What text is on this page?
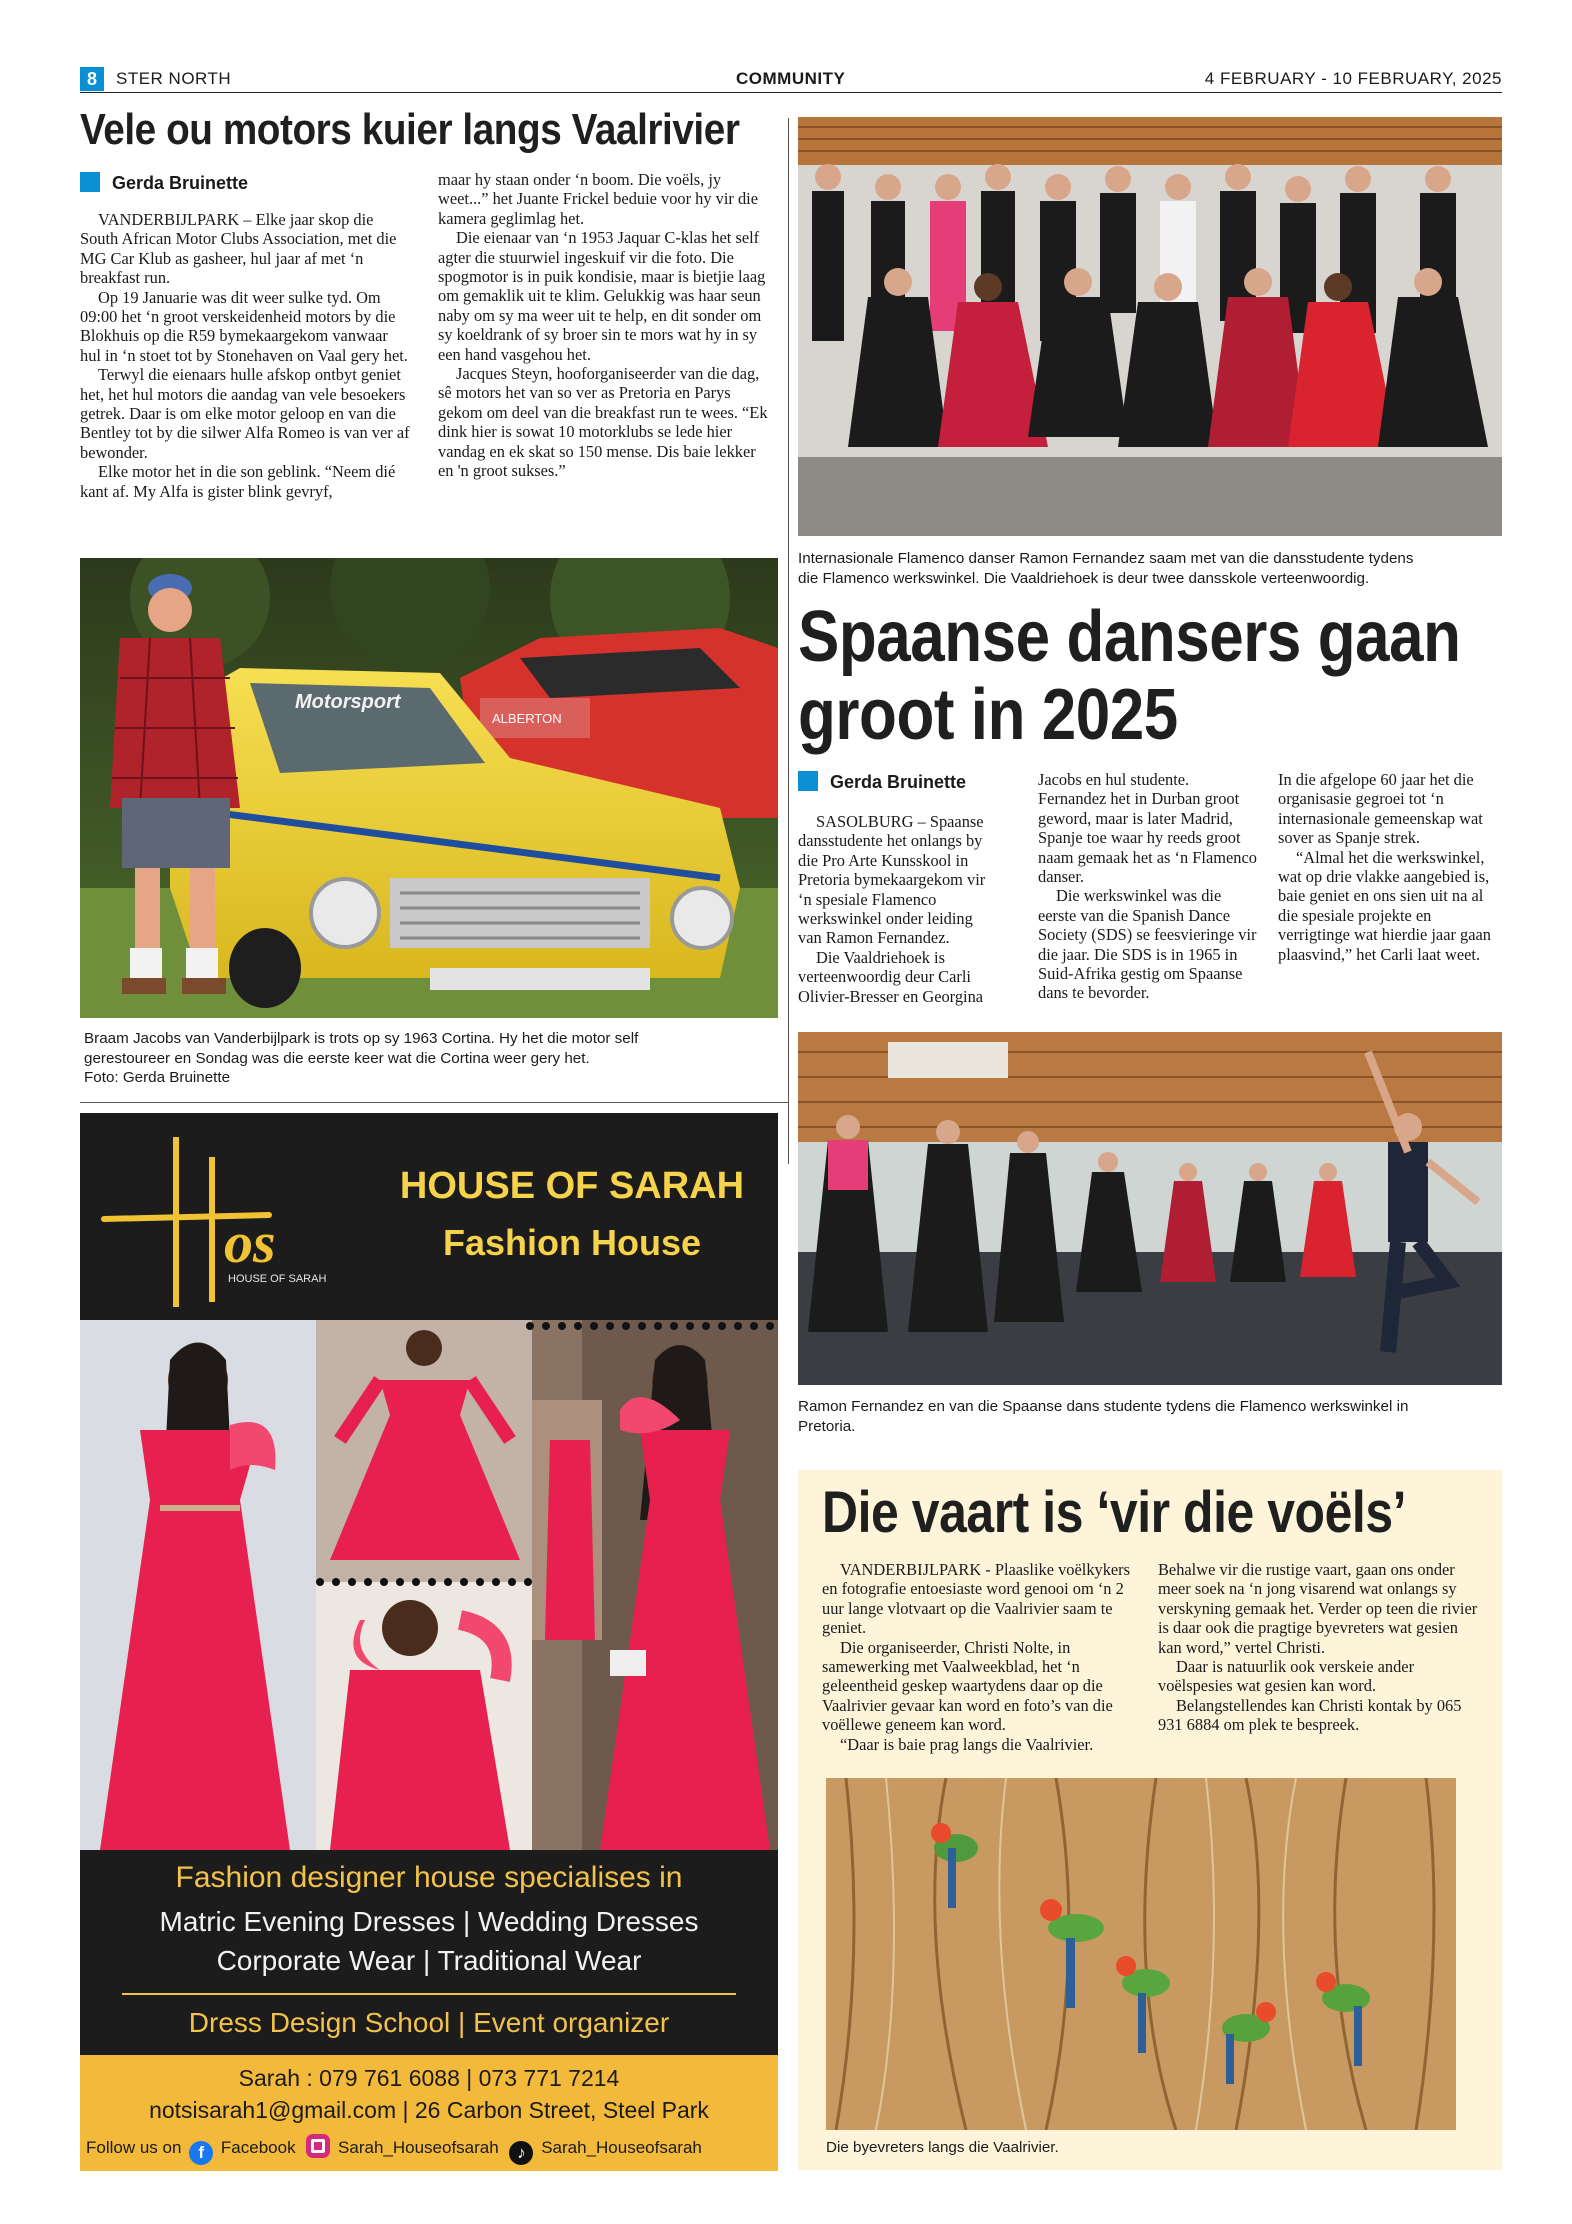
8	STER NORTH	COMMUNITY	4 FEBRUARY - 10 FEBRUARY, 2025
Vele ou motors kuier langs Vaalrivier
Gerda Bruinette

VANDERBIJLPARK – Elke jaar skop die South African Motor Clubs Association, met die MG Car Klub as gasheer, hul jaar af met ‘n breakfast run.

Op 19 Januarie was dit weer sulke tyd. Om 09:00 het ‘n groot verskeidenheid motors by die Blokhuis op die R59 bymekaargekom vanwaar hul in ‘n stoet tot by Stonehaven on Vaal gery het.

Terwyl die eienaars hulle afskop ontbyt geniet het, het hul motors die aandag van vele besoekers getrek. Daar is om elke motor geloop en van die Bentley tot by die silwer Alfa Romeo is van ver af bewonder.

Elke motor het in die son geblink. “Neem dié kant af. My Alfa is gister blink gevryf,

maar hy staan onder ‘n boom. Die voëls, jy weet...” het Juante Frickel beduie voor hy vir die kamera geglimlag het.

Die eienaar van ‘n 1953 Jaquar C-klas het self agter die stuurwiel ingeskuif vir die foto. Die spogmotor is in puik kondisie, maar is bietjie laag om gemaklik uit te klim. Gelukkig was haar seun naby om sy ma weer uit te help, en dit sonder om sy koeldrank of sy broer sin te mors wat hy in sy een hand vasgehou het.

Jacques Steyn, hooforganiseerder van die dag, sê motors het van so ver as Pretoria en Parys gekom om deel van die breakfast run te wees. “Ek dink hier is sowat 10 motorklubs se lede hier vandag en ek skat so 150 mense. Dis baie lekker en 'n groot sukses.”

ALBERTON
Motorsport
Braam Jacobs van Vanderbijlpark is trots op sy 1963 Cortina. Hy het die motor self
gerestoureer en Sondag was die eerste keer wat die Cortina weer gery het.
Foto: Gerda Bruinette
os
HOUSE OF SARAH
HOUSE OF SARAH
Fashion House
Fashion designer house specialises in
Matric Evening Dresses | Wedding Dresses
Corporate Wear | Traditional Wear
Dress Design School | Event organizer
Sarah : 079 761 6088 | 073 771 7214
notsisarah1@gmail.com | 26 Carbon Street, Steel Park
Follow us on f Facebook Sarah_Houseofsarah ♪ Sarah_Houseofsarah
Internasionale Flamenco danser Ramon Fernandez saam met van die dansstudente tydens
die Flamenco werkswinkel. Die Vaaldriehoek is deur twee dansskole verteenwoordig.
Spaanse dansers gaan
groot in 2025
Gerda Bruinette

SASOLBURG – Spaanse dansstudente het onlangs by die Pro Arte Kunsskool in Pretoria bymekaargekom vir ‘n spesiale Flamenco werkswinkel onder leiding van Ramon Fernandez.

Die Vaaldriehoek is verteenwoordig deur Carli Olivier-Bresser en Georgina

Jacobs en hul studente. Fernandez het in Durban groot geword, maar is later Madrid, Spanje toe waar hy reeds groot naam gemaak het as ‘n Flamenco danser.

Die werkswinkel was die eerste van die Spanish Dance Society (SDS) se feesvieringe vir die jaar. Die SDS is in 1965 in Suid-Afrika gestig om Spaanse dans te bevorder.

In die afgelope 60 jaar het die organisasie gegroei tot ‘n internasionale gemeenskap wat sover as Spanje strek.

“Almal het die werkswinkel, wat op drie vlakke aangebied is, baie geniet en ons sien uit na al die spesiale projekte en verrigtinge wat hierdie jaar gaan plaasvind,” het Carli laat weet.

Ramon Fernandez en van die Spaanse dans studente tydens die Flamenco werkswinkel in
Pretoria.
Die vaart is ‘vir die voëls’

VANDERBIJLPARK - Plaaslike voëlkykers en fotografie entoesiaste word genooi om ‘n 2 uur lange vlotvaart op die Vaalrivier saam te geniet.

Die organiseerder, Christi Nolte, in samewerking met Vaalweekblad, het ‘n geleentheid geskep waartydens daar op die Vaalrivier gevaar kan word en foto’s van die voëllewe geneem kan word.

“Daar is baie prag langs die Vaalrivier.

Behalwe vir die rustige vaart, gaan ons onder meer soek na ‘n jong visarend wat onlangs sy verskyning gemaak het. Verder op teen die rivier is daar ook die pragtige byevreters wat gesien kan word,” vertel Christi.

Daar is natuurlik ook verskeie ander voëlspesies wat gesien kan word.

Belangstellendes kan Christi kontak by 065 931 6884 om plek te bespreek.

Die byevreters langs die Vaalrivier.
